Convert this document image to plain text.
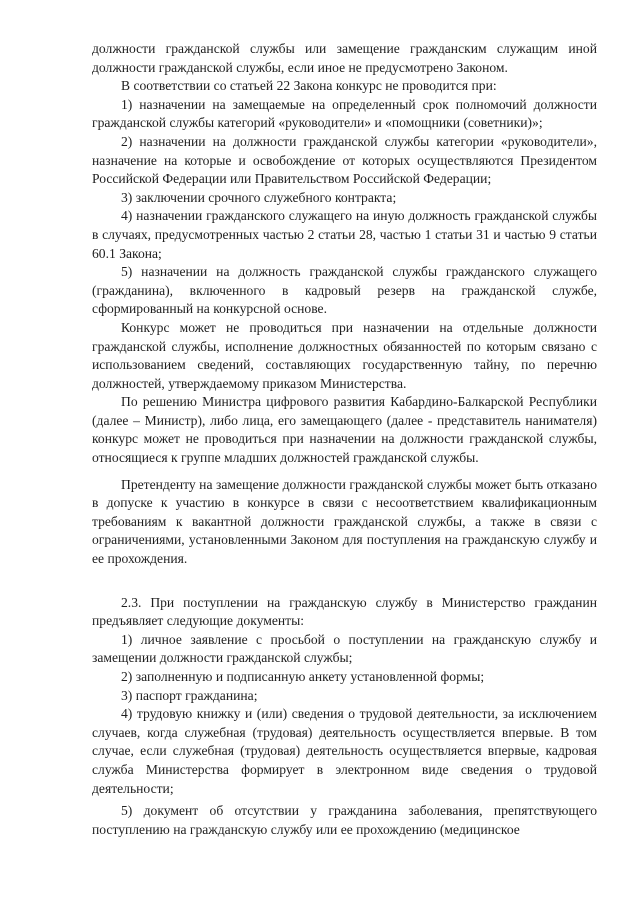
должности гражданской службы или замещение гражданским служащим иной должности гражданской службы, если иное не предусмотрено Законом.

В соответствии со статьей 22 Закона конкурс не проводится при:

1) назначении на замещаемые на определенный срок полномочий должности гражданской службы категорий «руководители» и «помощники (советники)»;

2) назначении на должности гражданской службы категории «руководители», назначение на которые и освобождение от которых осуществляются Президентом Российской Федерации или Правительством Российской Федерации;

3) заключении срочного служебного контракта;

4) назначении гражданского служащего на иную должность гражданской службы в случаях, предусмотренных частью 2 статьи 28, частью 1 статьи 31 и частью 9 статьи 60.1 Закона;

5) назначении на должность гражданской службы гражданского служащего (гражданина), включенного в кадровый резерв на гражданской службе, сформированный на конкурсной основе.

Конкурс может не проводиться при назначении на отдельные должности гражданской службы, исполнение должностных обязанностей по которым связано с использованием сведений, составляющих государственную тайну, по перечню должностей, утверждаемому приказом Министерства.

По решению Министра цифрового развития Кабардино-Балкарской Республики (далее – Министр), либо лица, его замещающего (далее - представитель нанимателя) конкурс может не проводиться при назначении на должности гражданской службы, относящиеся к группе младших должностей гражданской службы.

Претенденту на замещение должности гражданской службы может быть отказано в допуске к участию в конкурсе в связи с несоответствием квалификационным требованиям к вакантной должности гражданской службы, а также в связи с ограничениями, установленными Законом для поступления на гражданскую службу и ее прохождения.

2.3. При поступлении на гражданскую службу в Министерство гражданин предъявляет следующие документы:

1) личное заявление с просьбой о поступлении на гражданскую службу и замещении должности гражданской службы;

2) заполненную и подписанную анкету установленной формы;

3) паспорт гражданина;

4) трудовую книжку и (или) сведения о трудовой деятельности, за исключением случаев, когда служебная (трудовая) деятельность осуществляется впервые. В том случае, если служебная (трудовая) деятельность осуществляется впервые, кадровая служба Министерства формирует в электронном виде сведения о трудовой деятельности;

5) документ об отсутствии у гражданина заболевания, препятствующего поступлению на гражданскую службу или ее прохождению (медицинское
